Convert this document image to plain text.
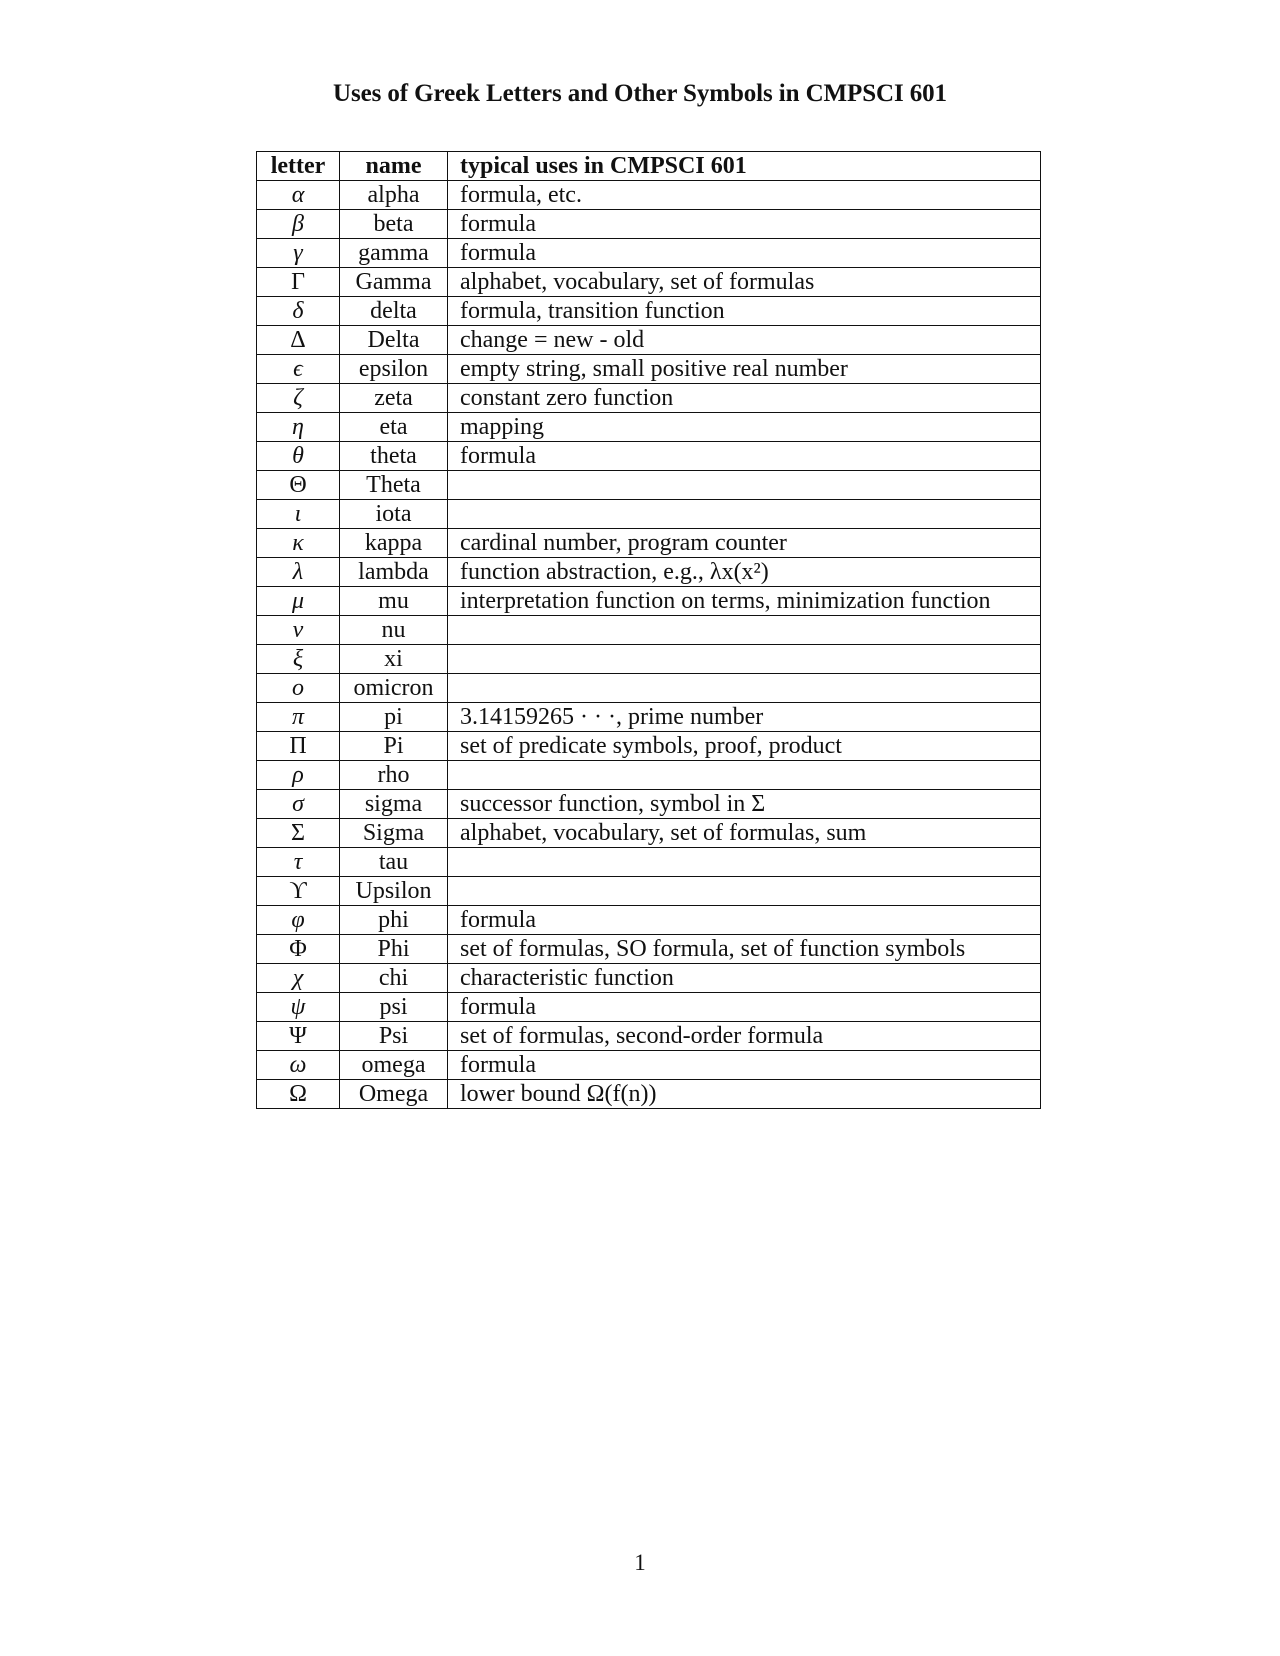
Uses of Greek Letters and Other Symbols in CMPSCI 601
letter	name	typical uses in CMPSCI 601
α	alpha	formula, etc.
β	beta	formula
γ	gamma	formula
Γ	Gamma	alphabet, vocabulary, set of formulas
δ	delta	formula, transition function
Δ	Delta	change = new - old
ϵ	epsilon	empty string, small positive real number
ζ	zeta	constant zero function
η	eta	mapping
θ	theta	formula
Θ	Theta	
ι	iota	
κ	kappa	cardinal number, program counter
λ	lambda	function abstraction, e.g., λx(x²)
μ	mu	interpretation function on terms, minimization function
ν	nu	
ξ	xi	
o	omicron	
π	pi	3.14159265 · · ·, prime number
Π	Pi	set of predicate symbols, proof, product
ρ	rho	
σ	sigma	successor function, symbol in Σ
Σ	Sigma	alphabet, vocabulary, set of formulas, sum
τ	tau	
ϒ	Upsilon	
φ	phi	formula
Φ	Phi	set of formulas, SO formula, set of function symbols
χ	chi	characteristic function
ψ	psi	formula
Ψ	Psi	set of formulas, second-order formula
ω	omega	formula
Ω	Omega	lower bound Ω(f(n))
1
